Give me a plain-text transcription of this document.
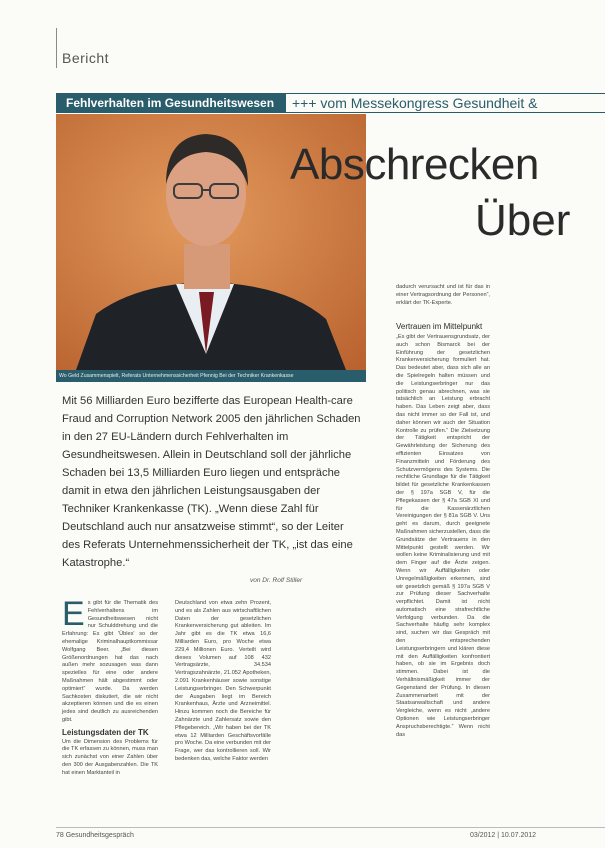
Bericht
Fehlverhalten im Gesundheitswesen +++ vom Messekongress Gesundheit &
Wo Geld Zusammenspielt, Referats Unternehmenssicherheit Pfennig Bei der Techniker Krankenkasse
Abschrecken
Über
Mit 56 Milliarden Euro bezifferte das European Health-care Fraud and Corruption Network 2005 den jährlichen Schaden in den 27 EU-Ländern durch Fehlverhalten im Gesundheitswesen. Allein in Deutschland soll der jährliche Schaden bei 13,5 Milliarden Euro liegen und entspräche damit in etwa den jährlichen Leistungsausgaben der Techniker Krankenkasse (TK). „Wenn diese Zahl für Deutschland auch nur ansatzweise stimmt“, so der Leiter des Referats Unternehmenssicherheit der TK, „ist das eine Katastrophe.“
von Dr. Rolf Stiller
E s gibt für die Thematik des Fehlverhaltens im Gesundheitswesen nicht nur Schulddrehung und die Erfahrung: Es gibt 'Übles' so der ehemalige Kriminalhauptkommissar Wolfgang Beer. „Bei diesen Größenordnungen hat das nach außen mehr sozusagen was dann spezielles für eine oder andere Maßnahmen hält abgestimmt oder optimiert“ wurde. Da werden Sachkosten diskutiert, die wir nicht akzeptieren können und die es einen jedes sind deutlich zu ausreichenden gibt.
Leistungsdaten der TK
Um die Dimension des Problems für die TK erfassen zu können, muss man sich zunächst von einer Zahlen über den 300 der Ausgabenzahlen. Die TK hat einen Marktanteil in
Deutschland von etwa zehn Prozent, und es als Zahlen aus wirtschaftlichen Daten der gesetzlichen Krankenversicherung gut ableiten. Im Jahr gibt es die TK etwa 16,6 Milliarden Euro, pro Woche etwa 229,4 Millionen Euro. Verteilt wird dieses Volumen auf 108 432 Vertragsärzte, 34.534 Vertragszahnärzte, 21.052 Apotheken, 2.091 Krankenhäuser sowie sonstige Leistungserbringer. Den Schwerpunkt der Ausgaben liegt im Bereich Krankenhaus, Ärzte und Arzneimittel. Hinzu kommen noch die Bereiche für Zahnärzte und Zahlersatz sowie den Pflegebereich. „Wir haben bei der TK etwa 12 Milliarden Geschäftsvorfälle pro Woche. Da eine verbunden mit der Frage, wer das kontrollieren soll. Wir bedenken das, welche Faktor werden
dadurch verursacht und ist für das in einer Vertragsordnung der Personen“, erklärt der TK-Experte.
Vertrauen im Mittelpunkt
„Es gibt der Vertrauensgrundsatz, der auch schon Bismarck bei der Einführung der gesetzlichen Krankenversicherung formuliert hat. Das bedeutet aber, dass sich alle an die Spielregeln halten müssen und die Leistungserbringer nur das politisch genau abrechnen, was sie tatsächlich an Leistung erbracht haben. Das Leben zeigt aber, dass das nicht immer so der Fall ist, und daher können wir auch der Situation Kontrolle zu prüfen.“ Die Zielsetzung der Tätigkeit entspricht der Gewährleistung der Sicherung des effizienten Einsatzes von Finanzmitteln und Förderung des Schutzvermögens des Systems. Die rechtliche Grundlage für die Tätigkeit bildet für gesetzliche Krankenkassen der § 197a SGB V, für die Pflegekassen der § 47a SGB XI und für die Kassenärztlichen Vereinigungen der § 81a SGB V. Uns geht es darum, durch geeignete Maßnahmen sicherzustellen, dass die Grundsätze der Vertrauens in den Mittelpunkt gestellt werden. Wir wollen keine Kriminalisierung und mit dem Finger auf die Ärzte zeigen. Wenn wir Auffälligkeiten oder Unregelmäßigkeiten erkennen, sind wir gesetzlich gemäß § 197a SGB V zur Prüfung dieser Sachverhalte verpflichtet. Damit ist nicht automatisch eine strafrechtliche Verfolgung verbunden. Da die Sachverhalte häufig sehr komplex sind, suchen wir das Gespräch mit den entsprechenden Leistungserbringern und klären diese mit den Auffälligkeiten konfrontiert haben, ob sie im Ergebnis doch stimmen. Dabei ist die Verhältnismäßigkeit immer der Gegenstand der Prüfung. In diesen Zusammenarbeit mit der Staatsanwaltschaft und andere Vergleiche, wenn es nicht „andere Optionen wie Leistungserbringer Anspruchsberechtigte.“ Wenn nicht das
78 Gesundheitsgespräch	03/2012 | 10.07.2012
